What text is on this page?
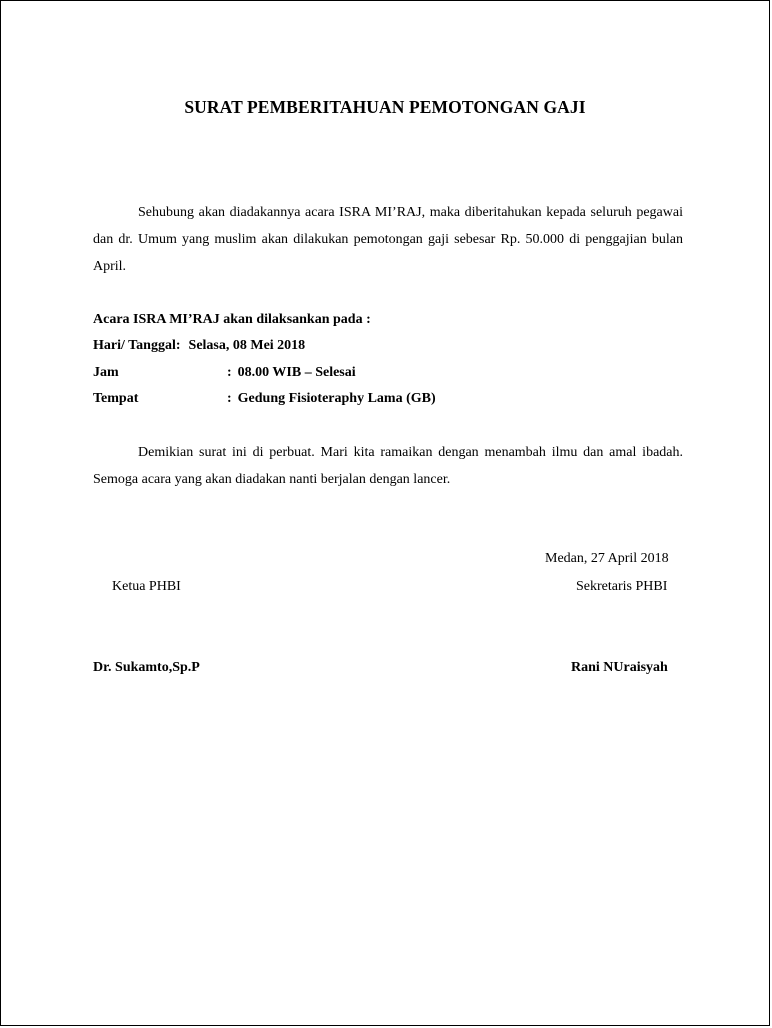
SURAT PEMBERITAHUAN PEMOTONGAN GAJI

Sehubung akan diadakannya acara ISRA MI’RAJ, maka diberitahukan kepada seluruh pegawai dan dr. Umum yang muslim akan dilakukan pemotongan gaji sebesar Rp. 50.000 di penggajian bulan April.

Acara ISRA MI’RAJ akan dilaksankan pada :
Hari/ Tanggal: Selasa, 08 Mei 2018
Jam	: 08.00 WIB – Selesai
Tempat	: Gedung Fisioteraphy Lama (GB)

Demikian surat ini di perbuat. Mari kita ramaikan dengan menambah ilmu dan amal ibadah. Semoga acara yang akan diadakan nanti berjalan dengan lancer.

Medan, 27 April 2018
Ketua PHBI	Sekretaris PHBI
Dr. Sukamto,Sp.P	Rani NUraisyah
